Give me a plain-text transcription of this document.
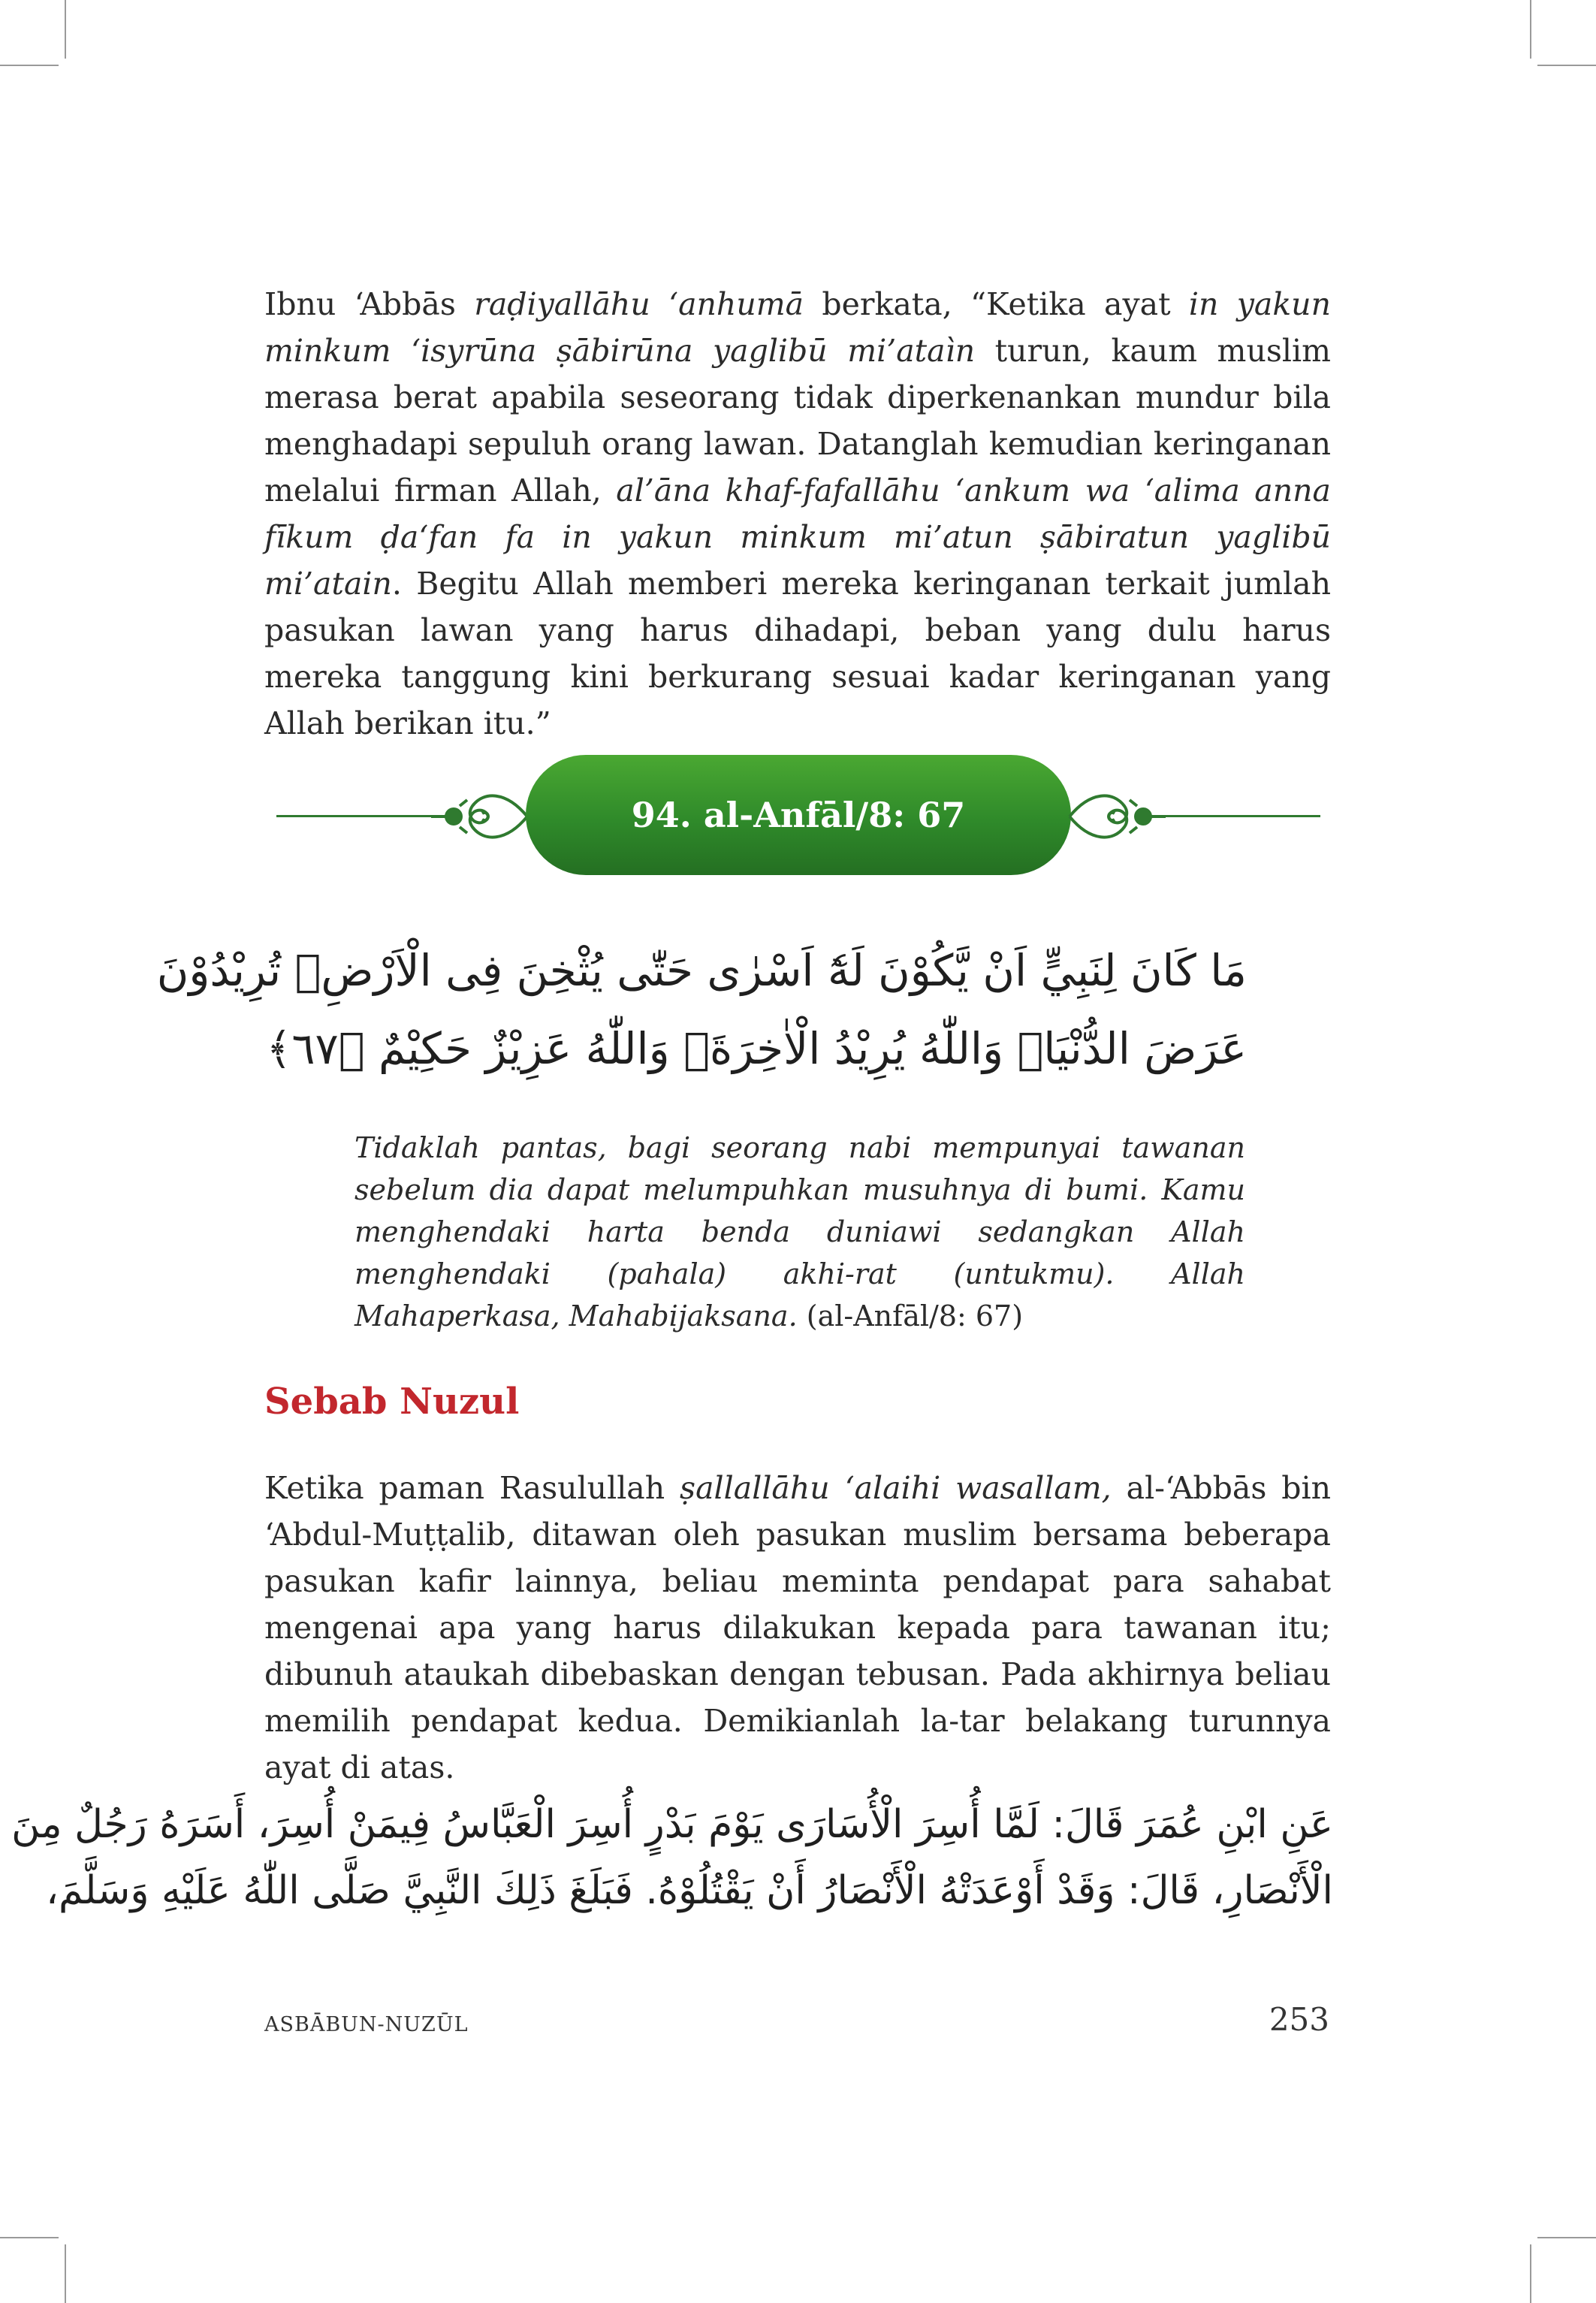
Ibnu ʻAbbās raḍiyallāhu ʻanhumā berkata, “Ketika ayat in yakun minkum ʻisyrūna ṣābirūna yaglibū mi’ataìn turun, kaum muslim merasa berat apabila seseorang tidak diperkenankan mundur bila menghadapi sepuluh orang lawan. Datanglah kemudian keringanan melalui firman Allah, al’āna khaf-fafallāhu ʻankum wa ʻalima anna fīkum ḍa‘fan fa in yakun minkum mi’atun ṣābiratun yaglibū mi’atain. Begitu Allah memberi mereka keringanan terkait jumlah pasukan lawan yang harus dihadapi, beban yang dulu harus mereka tanggung kini berkurang sesuai kadar keringanan yang Allah berikan itu.”
94. al-Anfāl/8: 67
مَا كَانَ لِنَبِيٍّ اَنْ يَّكُوْنَ لَهٗٓ اَسْرٰى حَتّٰى يُثْخِنَ فِى الْاَرْضِۗ تُرِيْدُوْنَ
عَرَضَ الدُّنْيَاۖ وَاللّٰهُ يُرِيْدُ الْاٰخِرَةَۗ وَاللّٰهُ عَزِيْزٌ حَكِيْمٌ ﴿٦٧﴾
Tidaklah pantas, bagi seorang nabi mempunyai tawanan sebelum dia dapat melumpuhkan musuhnya di bumi. Kamu menghendaki harta benda duniawi sedangkan Allah menghendaki (pahala) akhi-rat (untukmu). Allah Mahaperkasa, Mahabijaksana. (al-Anfāl/8: 67)
Sebab Nuzul
Ketika paman Rasulullah ṣallallāhu ʻalaihi wasallam, al-ʻAbbās bin ʻAbdul-Muṭṭalib, ditawan oleh pasukan muslim bersama beberapa pasukan kafir lainnya, beliau meminta pendapat para sahabat mengenai apa yang harus dilakukan kepada para tawanan itu; dibunuh ataukah dibebaskan dengan tebusan. Pada akhirnya beliau memilih pendapat kedua. Demikianlah la-tar belakang turunnya ayat di atas.
عَنِ ابْنِ عُمَرَ قَالَ: لَمَّا أُسِرَ الْأُسَارَى يَوْمَ بَدْرٍ أُسِرَ الْعَبَّاسُ فِيمَنْ أُسِرَ، أَسَرَهُ رَجُلٌ مِنَ
الْأَنْصَارِ، قَالَ: وَقَدْ أَوْعَدَتْهُ الْأَنْصَارُ أَنْ يَقْتُلُوْهُ. فَبَلَغَ ذَلِكَ النَّبِيَّ صَلَّى اللّٰهُ عَلَيْهِ وَسَلَّمَ،
ASBĀBUN-NUZŪL	253
